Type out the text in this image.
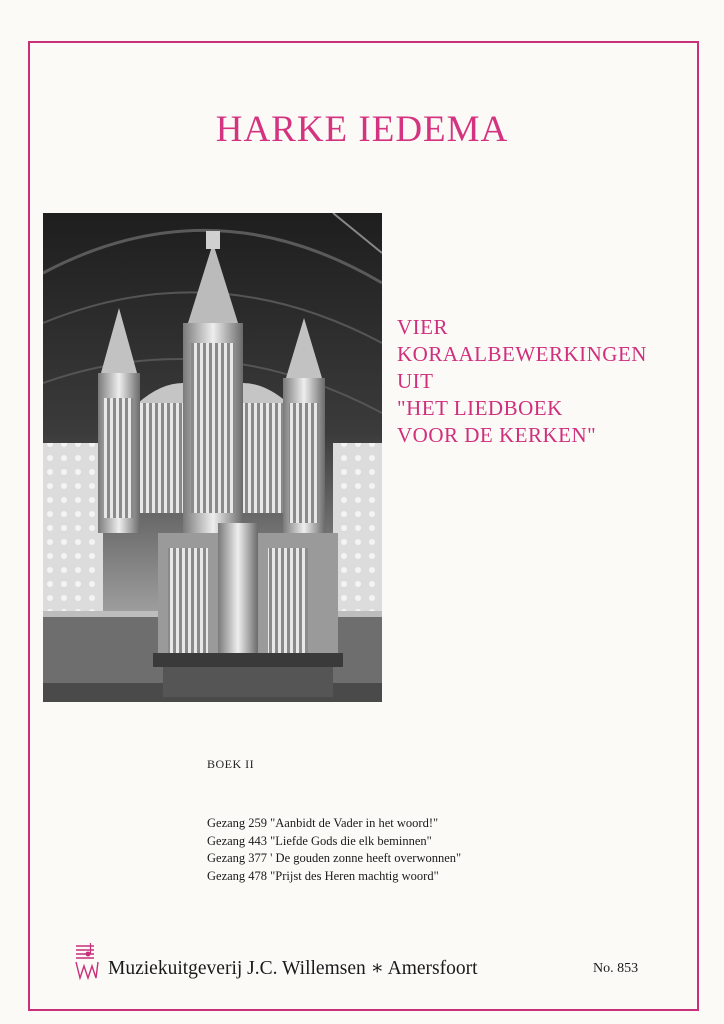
HARKE IEDEMA
VIER
KORAALBEWERKINGEN
UIT
"HET LIEDBOEK
VOOR DE KERKEN"
BOEK II
Gezang 259 "Aanbidt de Vader in het woord!"
Gezang 443 "Liefde Gods die elk beminnen"
Gezang 377 ' De gouden zonne heeft overwonnen"
Gezang 478 "Prijst des Heren machtig woord"
Muziekuitgeverij J.C. Willemsen ∗ Amersfoort	No. 853
